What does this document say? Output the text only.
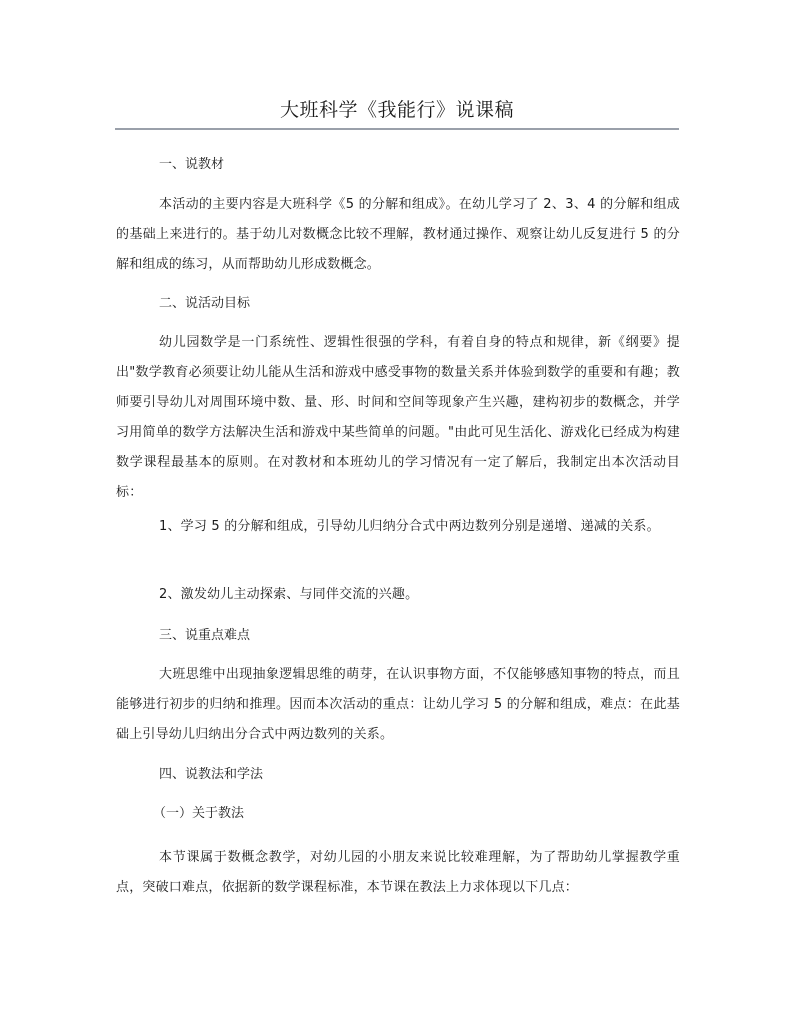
大班科学《我能行》说课稿

一、说教材

本活动的主要内容是大班科学《5 的分解和组成》。在幼儿学习了 2、3、4 的分解和组成的基础上来进行的。基于幼儿对数概念比较不理解，教材通过操作、观察让幼儿反复进行 5 的分解和组成的练习，从而帮助幼儿形成数概念。

二、说活动目标

幼儿园数学是一门系统性、逻辑性很强的学科，有着自身的特点和规律，新《纲要》提出"数学教育必须要让幼儿能从生活和游戏中感受事物的数量关系并体验到数学的重要和有趣；教师要引导幼儿对周围环境中数、量、形、时间和空间等现象产生兴趣，建构初步的数概念，并学习用简单的数学方法解决生活和游戏中某些简单的问题。"由此可见生活化、游戏化已经成为构建数学课程最基本的原则。在对教材和本班幼儿的学习情况有一定了解后，我制定出本次活动目标：

1、学习 5 的分解和组成，引导幼儿归纳分合式中两边数列分别是递增、递减的关系。

2、激发幼儿主动探索、与同伴交流的兴趣。

三、说重点难点

大班思维中出现抽象逻辑思维的萌芽，在认识事物方面，不仅能够感知事物的特点，而且能够进行初步的归纳和推理。因而本次活动的重点：让幼儿学习 5 的分解和组成，难点：在此基础上引导幼儿归纳出分合式中两边数列的关系。

四、说教法和学法

（一）关于教法

本节课属于数概念教学，对幼儿园的小朋友来说比较难理解，为了帮助幼儿掌握教学重点，突破口难点，依据新的数学课程标准，本节课在教法上力求体现以下几点：
